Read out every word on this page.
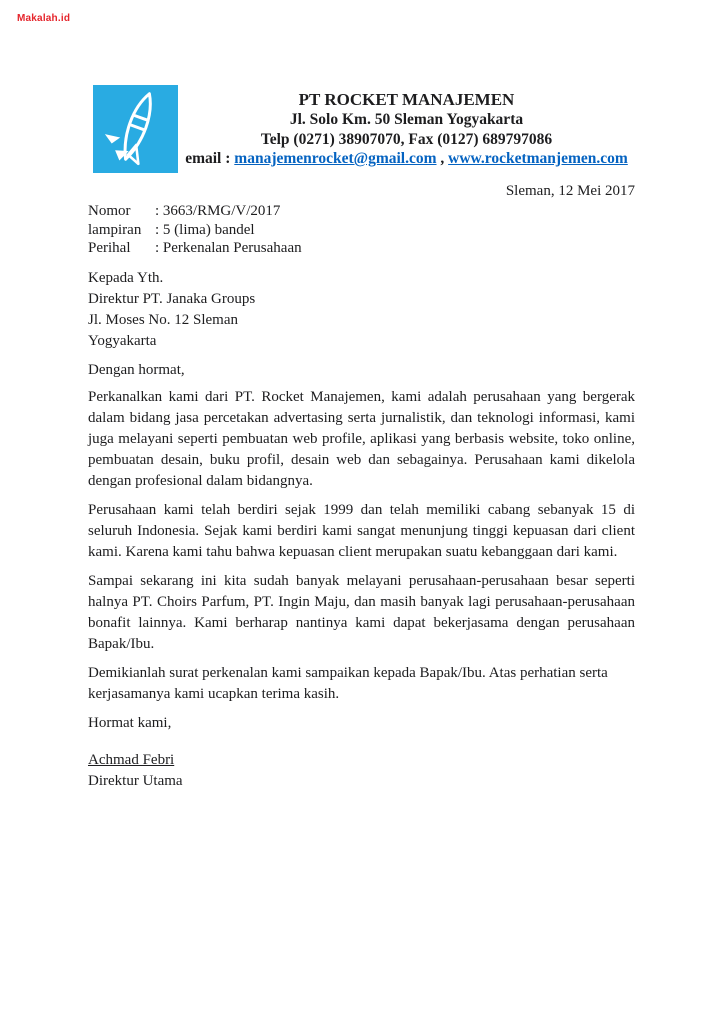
Makalah.id
PT ROCKET MANAJEMEN
Jl. Solo Km. 50 Sleman Yogyakarta
Telp (0271) 38907070, Fax (0127) 689797086
email : manajemenrocket@gmail.com , www.rocketmanjemen.com
Sleman, 12 Mei 2017
Nomor : 3663/RMG/V/2017
lampiran : 5 (lima) bandel
Perihal : Perkenalan Perusahaan
Kepada Yth.
Direktur PT. Janaka Groups
Jl. Moses No. 12 Sleman
Yogyakarta
Dengan hormat,

Perkanalkan kami dari PT. Rocket Manajemen, kami adalah perusahaan yang bergerak dalam bidang jasa percetakan advertasing serta jurnalistik, dan teknologi informasi, kami juga melayani seperti pembuatan web profile, aplikasi yang berbasis website, toko online, pembuatan desain, buku profil, desain web dan sebagainya. Perusahaan kami dikelola dengan profesional dalam bidangnya.

Perusahaan kami telah berdiri sejak 1999 dan telah memiliki cabang sebanyak 15 di seluruh Indonesia. Sejak kami berdiri kami sangat menunjung tinggi kepuasan dari client kami. Karena kami tahu bahwa kepuasan client merupakan suatu kebanggaan dari kami.

Sampai sekarang ini kita sudah banyak melayani perusahaan-perusahaan besar seperti halnya PT. Choirs Parfum, PT. Ingin Maju, dan masih banyak lagi perusahaan-perusahaan bonafit lainnya. Kami berharap nantinya kami dapat bekerjasama dengan perusahaan Bapak/Ibu.

Demikianlah surat perkenalan kami sampaikan kepada Bapak/Ibu. Atas perhatian serta kerjasamanya kami ucapkan terima kasih.

Hormat kami,
Achmad Febri
Direktur Utama
